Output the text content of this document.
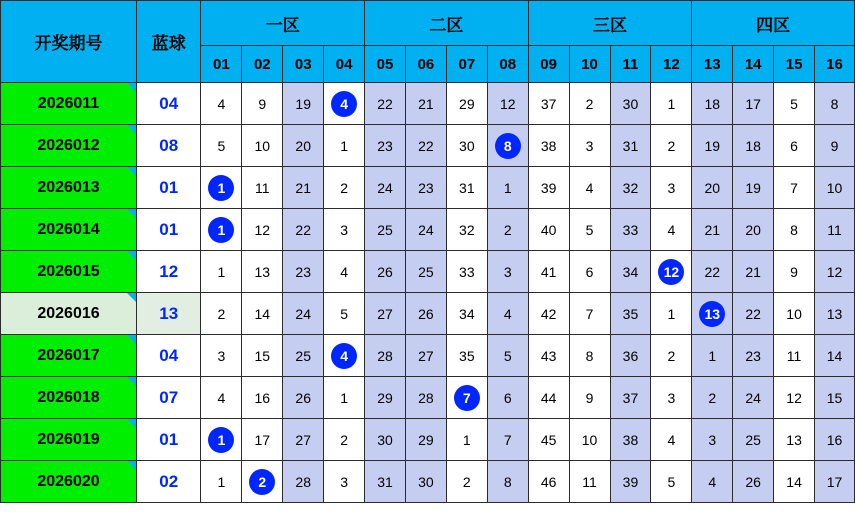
开奖期号	蓝球	一区				二区				三区				四区			
		01	02	03	04	05	06	07	08	09	10	11	12	13	14	15	16
2026011	04	4	9	19	4	22	21	29	12	37	2	30	1	18	17	5	8
2026012	08	5	10	20	1	23	22	30	8	38	3	31	2	19	18	6	9
2026013	01	1	11	21	2	24	23	31	1	39	4	32	3	20	19	7	10
2026014	01	1	12	22	3	25	24	32	2	40	5	33	4	21	20	8	11
2026015	12	1	13	23	4	26	25	33	3	41	6	34	12	22	21	9	12
2026016	13	2	14	24	5	27	26	34	4	42	7	35	1	13	22	10	13
2026017	04	3	15	25	4	28	27	35	5	43	8	36	2	1	23	11	14
2026018	07	4	16	26	1	29	28	7	6	44	9	37	3	2	24	12	15
2026019	01	1	17	27	2	30	29	1	7	45	10	38	4	3	25	13	16
2026020	02	1	2	28	3	31	30	2	8	46	11	39	5	4	26	14	17
